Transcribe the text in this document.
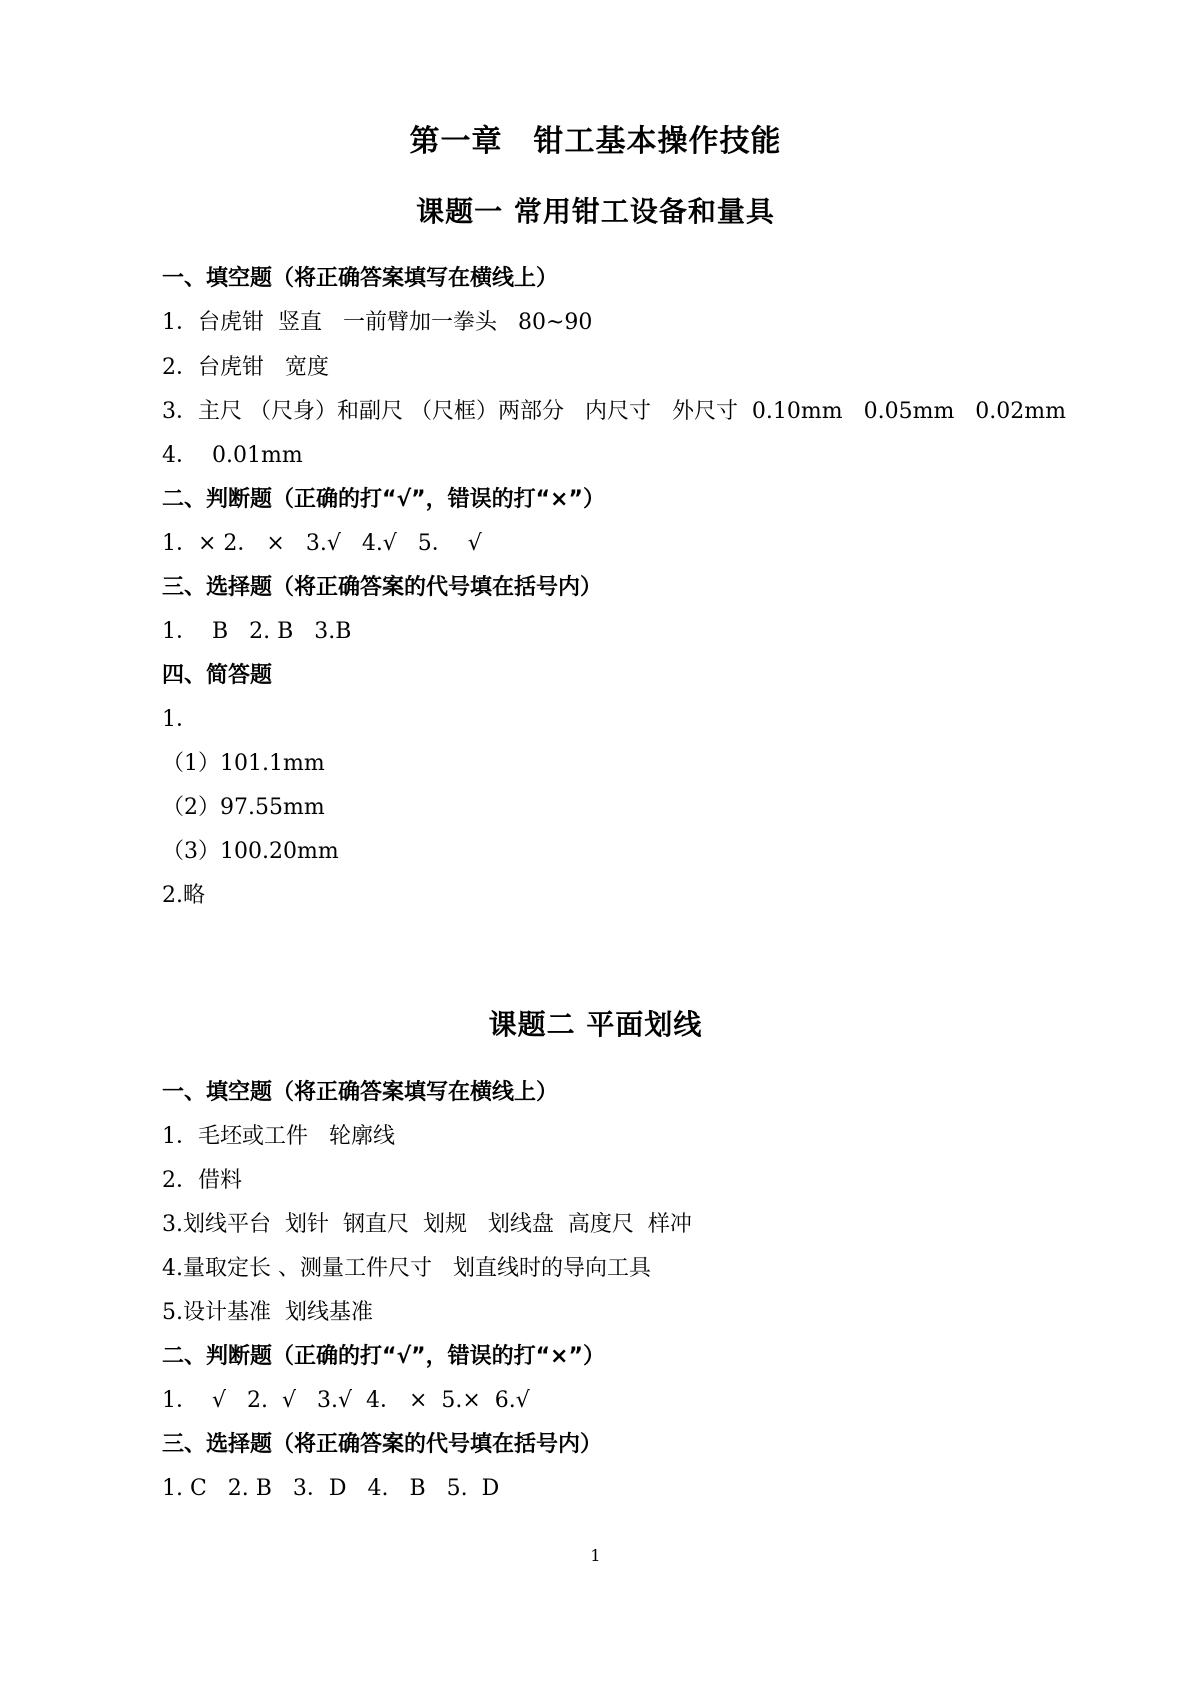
第一章　钳工基本操作技能
课题一 常用钳工设备和量具
一、填空题（将正确答案填写在横线上）
1．台虎钳  竖直   一前臂加一拳头   80~90
2．台虎钳   宽度
3．主尺 （尺身）和副尺 （尺框）两部分   内尺寸   外尺寸  0.10mm   0.05mm   0.02mm
4．  0.01mm
二、判断题（正确的打“√”，错误的打“×”）
1．× 2． ×   3.√   4.√   5．  √
三、选择题（将正确答案的代号填在括号内）
1．  B   2. B   3.B
四、简答题
1．
（1）101.1mm
（2）97.55mm
（3）100.20mm
2.略
课题二 平面划线
一、填空题（将正确答案填写在横线上）
1．毛坯或工件   轮廓线
2．借料
3.划线平台  划针  钢直尺  划规   划线盘  高度尺  样冲
4.量取定长 、测量工件尺寸   划直线时的导向工具
5.设计基准  划线基准
二、判断题（正确的打“√”，错误的打“×”）
1．  √   2.  √   3.√  4． ×  5.×  6.√
三、选择题（将正确答案的代号填在括号内）
1. C   2. B   3．D   4.   B   5.  D
1
